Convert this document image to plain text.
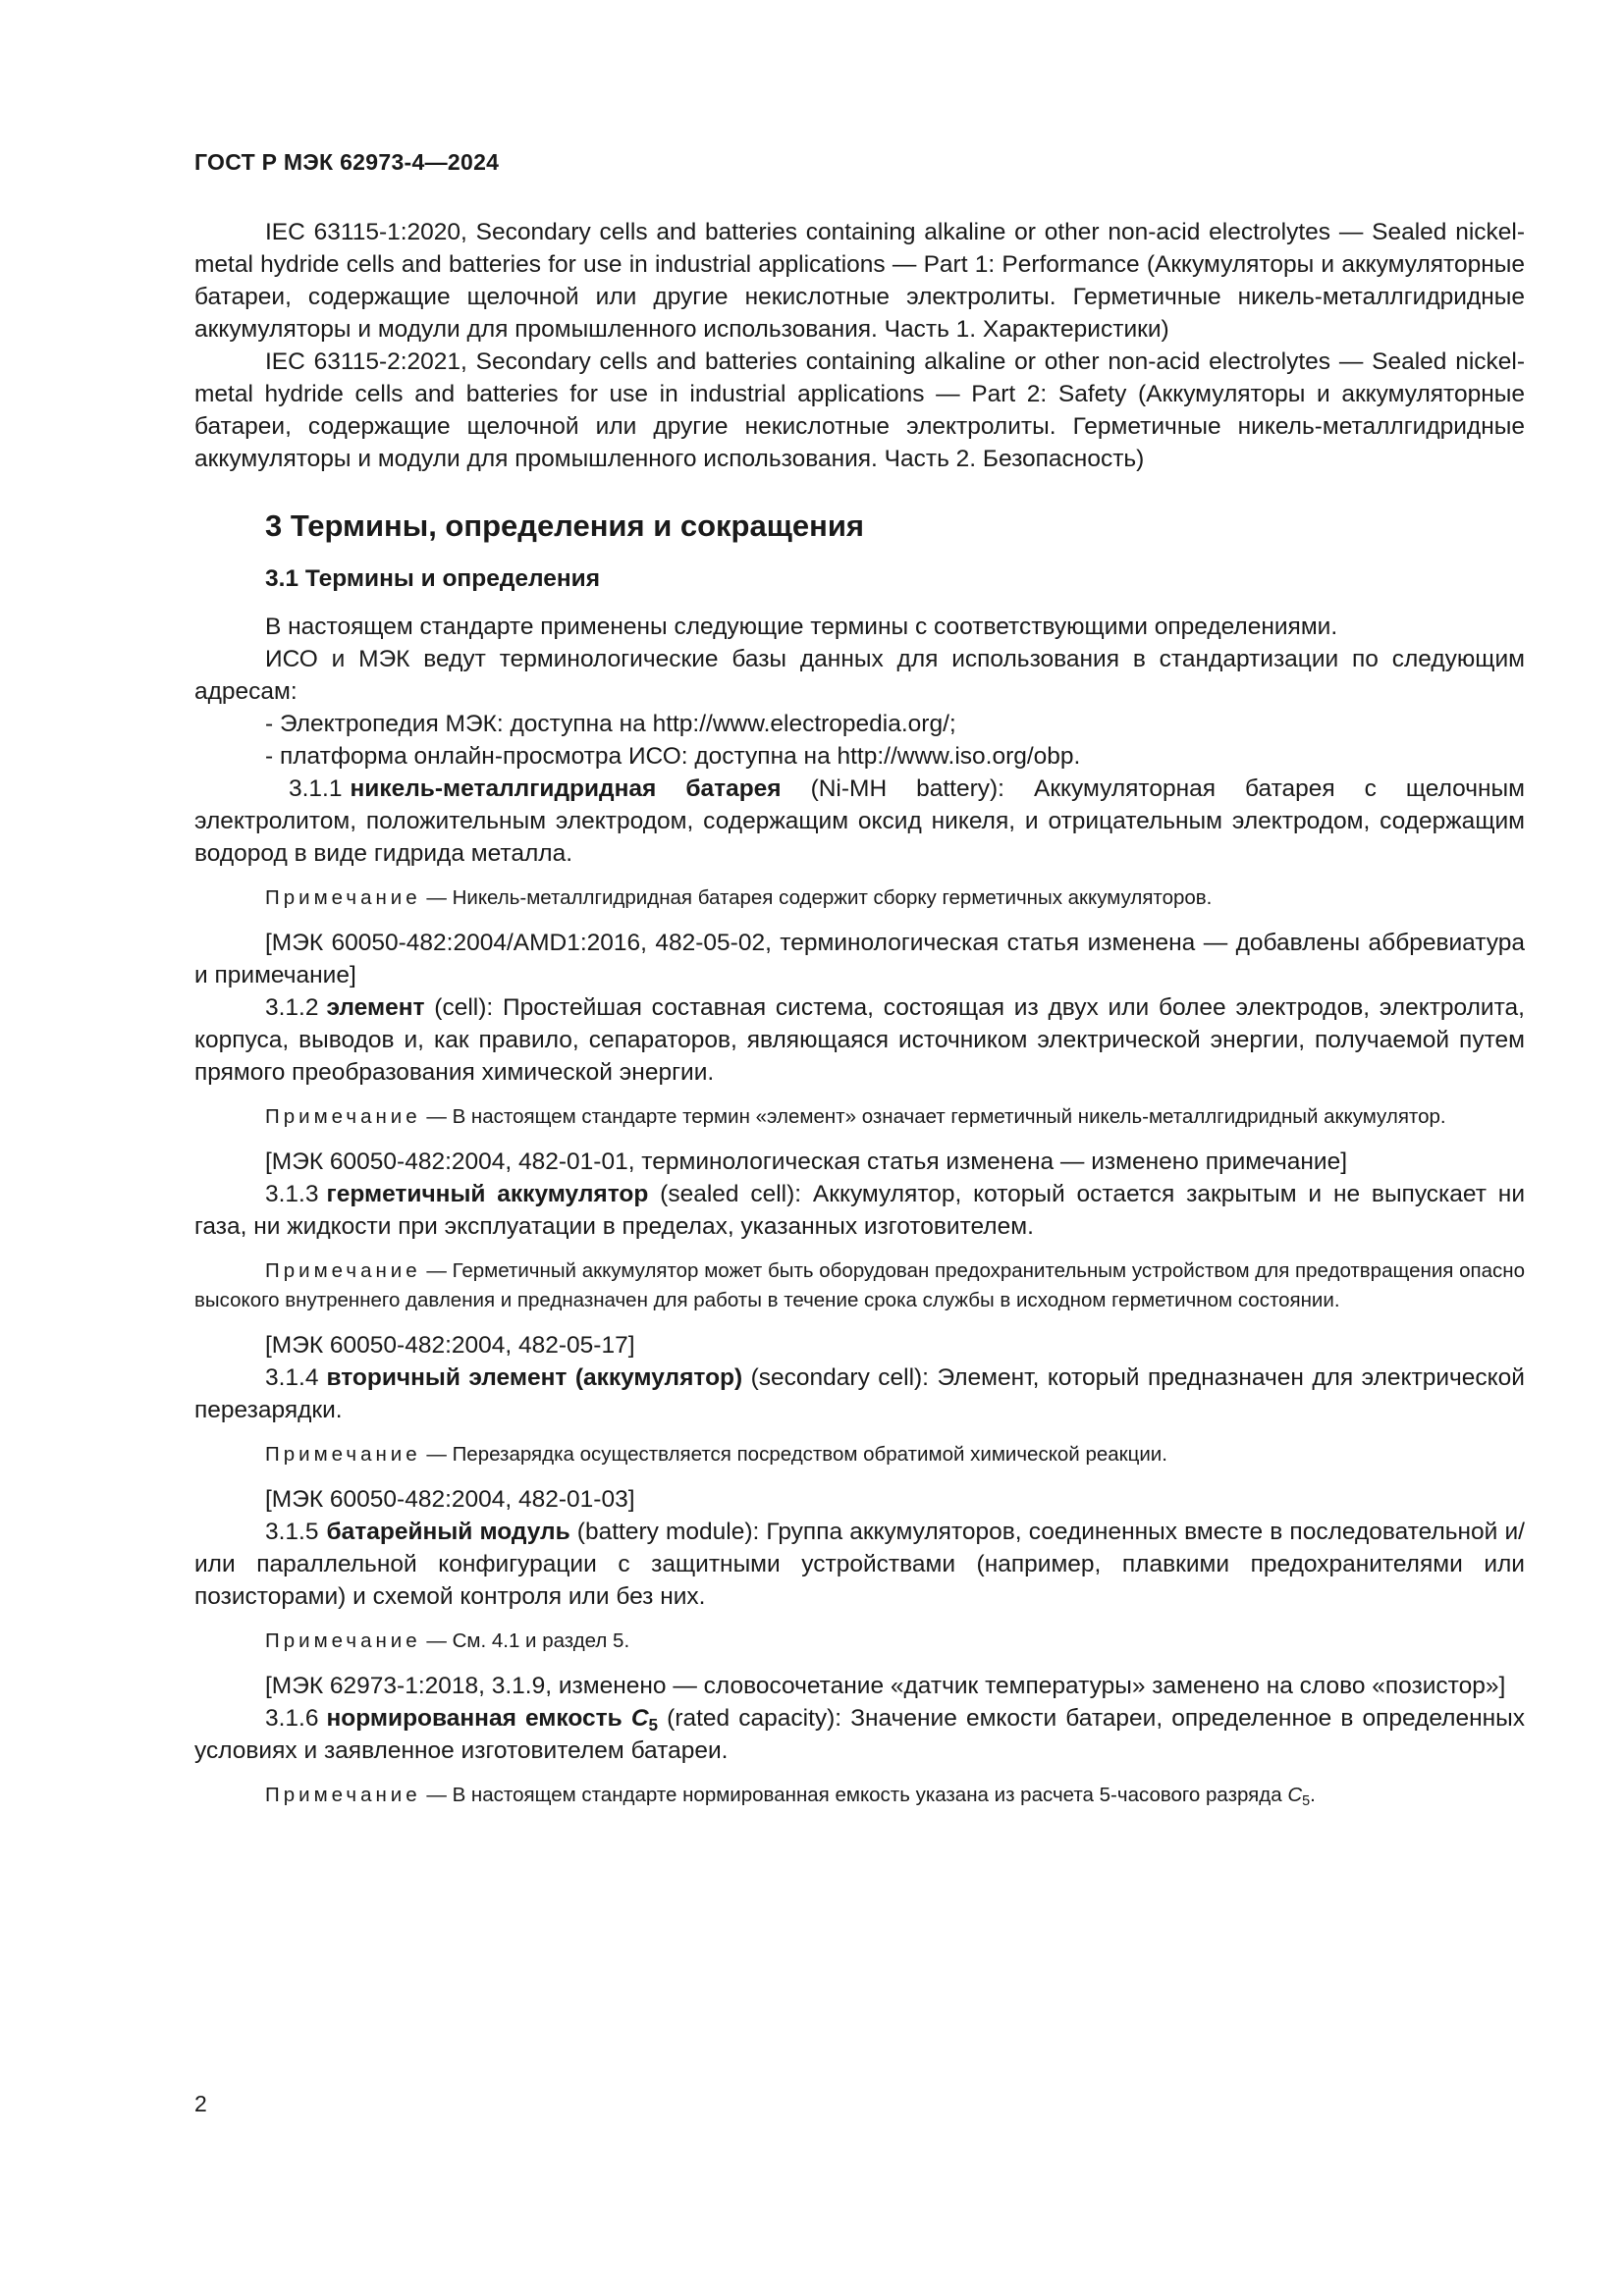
ГОСТ Р МЭК 62973-4—2024

IEC 63115-1:2020, Secondary cells and batteries containing alkaline or other non-acid electrolytes — Sealed nickel-metal hydride cells and batteries for use in industrial applications — Part 1: Performance (Аккумуляторы и аккумуляторные батареи, содержащие щелочной или другие некислотные электролиты. Герметичные никель-металлгидридные аккумуляторы и модули для промышленного использования. Часть 1. Характеристики)

IEC 63115-2:2021, Secondary cells and batteries containing alkaline or other non-acid electrolytes — Sealed nickel-metal hydride cells and batteries for use in industrial applications — Part 2: Safety (Аккумуляторы и аккумуляторные батареи, содержащие щелочной или другие некислотные электролиты. Герметичные никель-металлгидридные аккумуляторы и модули для промышленного использования. Часть 2. Безопасность)

3 Термины, определения и сокращения
3.1 Термины и определения

В настоящем стандарте применены следующие термины с соответствующими определениями.

ИСО и МЭК ведут терминологические базы данных для использования в стандартизации по следующим адресам:

- Электропедия МЭК: доступна на http://www.electropedia.org/;

- платформа онлайн-просмотра ИСО: доступна на http://www.iso.org/obp.

3.1.1 никель-металлгидридная батарея (Ni-MH battery): Аккумуляторная батарея с щелочным электролитом, положительным электродом, содержащим оксид никеля, и отрицательным электродом, содержащим водород в виде гидрида металла.

Примечание — Никель-металлгидридная батарея содержит сборку герметичных аккумуляторов.

[МЭК 60050-482:2004/AMD1:2016, 482-05-02, терминологическая статья изменена — добавлены аббревиатура и примечание]

3.1.2 элемент (cell): Простейшая составная система, состоящая из двух или более электродов, электролита, корпуса, выводов и, как правило, сепараторов, являющаяся источником электрической энергии, получаемой путем прямого преобразования химической энергии.

Примечание — В настоящем стандарте термин «элемент» означает герметичный никель-металлгидридный аккумулятор.

[МЭК 60050-482:2004, 482-01-01, терминологическая статья изменена — изменено примечание]

3.1.3 герметичный аккумулятор (sealed cell): Аккумулятор, который остается закрытым и не выпускает ни газа, ни жидкости при эксплуатации в пределах, указанных изготовителем.

Примечание — Герметичный аккумулятор может быть оборудован предохранительным устройством для предотвращения опасно высокого внутреннего давления и предназначен для работы в течение срока службы в исходном герметичном состоянии.

[МЭК 60050-482:2004, 482-05-17]

3.1.4 вторичный элемент (аккумулятор) (secondary cell): Элемент, который предназначен для электрической перезарядки.

Примечание — Перезарядка осуществляется посредством обратимой химической реакции.

[МЭК 60050-482:2004, 482-01-03]

3.1.5 батарейный модуль (battery module): Группа аккумуляторов, соединенных вместе в последовательной и/или параллельной конфигурации с защитными устройствами (например, плавкими предохранителями или позисторами) и схемой контроля или без них.

Примечание — См. 4.1 и раздел 5.

[МЭК 62973-1:2018, 3.1.9, изменено — словосочетание «датчик температуры» заменено на слово «позистор»]

3.1.6 нормированная емкость $C_5$ (rated capacity): Значение емкости батареи, определенное в определенных условиях и заявленное изготовителем батареи.

Примечание — В настоящем стандарте нормированная емкость указана из расчета 5-часового разряда $C_5$.

2
